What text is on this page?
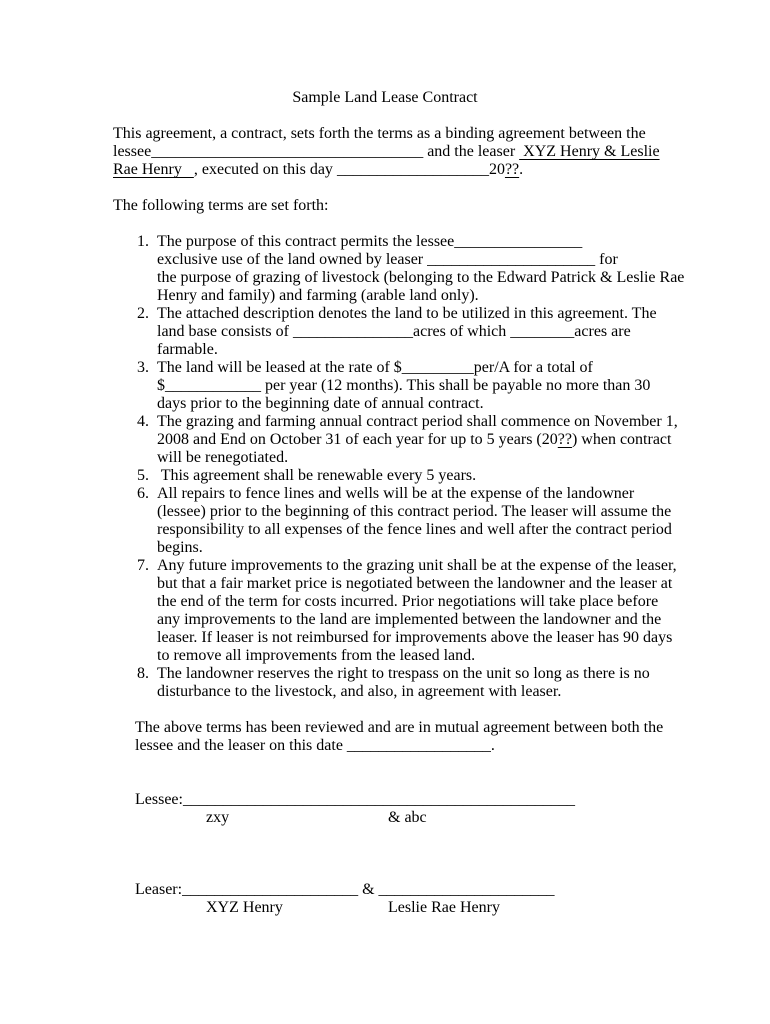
Sample Land Lease Contract
This agreement, a contract, sets forth the terms as a binding agreement between the
lessee__________________________________ and the leaser  XYZ Henry & Leslie
Rae Henry   , executed on this day ___________________20??.
The following terms are set forth:
1. The purpose of this contract permits the lessee________________
exclusive use of the land owned by leaser _____________________ for
the purpose of grazing of livestock (belonging to the Edward Patrick & Leslie Rae
Henry and family) and farming (arable land only).
2. The attached description denotes the land to be utilized in this agreement. The
land base consists of _______________acres of which ________acres are
farmable.
3. The land will be leased at the rate of $_________per/A for a total of
$____________ per year (12 months). This shall be payable no more than 30
days prior to the beginning date of annual contract.
4. The grazing and farming annual contract period shall commence on November 1,
2008 and End on October 31 of each year for up to 5 years (20??) when contract
will be renegotiated.
5. This agreement shall be renewable every 5 years.
6. All repairs to fence lines and wells will be at the expense of the landowner
(lessee) prior to the beginning of this contract period. The leaser will assume the
responsibility to all expenses of the fence lines and well after the contract period
begins.
7. Any future improvements to the grazing unit shall be at the expense of the leaser,
but that a fair market price is negotiated between the landowner and the leaser at
the end of the term for costs incurred. Prior negotiations will take place before
any improvements to the land are implemented between the landowner and the
leaser. If leaser is not reimbursed for improvements above the leaser has 90 days
to remove all improvements from the leased land.
8. The landowner reserves the right to trespass on the unit so long as there is no
disturbance to the livestock, and also, in agreement with leaser.
The above terms has been reviewed and are in mutual agreement between both the
lessee and the leaser on this date __________________.
Lessee:_________________________________________________
zxy	& abc
Leaser:______________________ & ______________________
XYZ Henry	Leslie Rae Henry
